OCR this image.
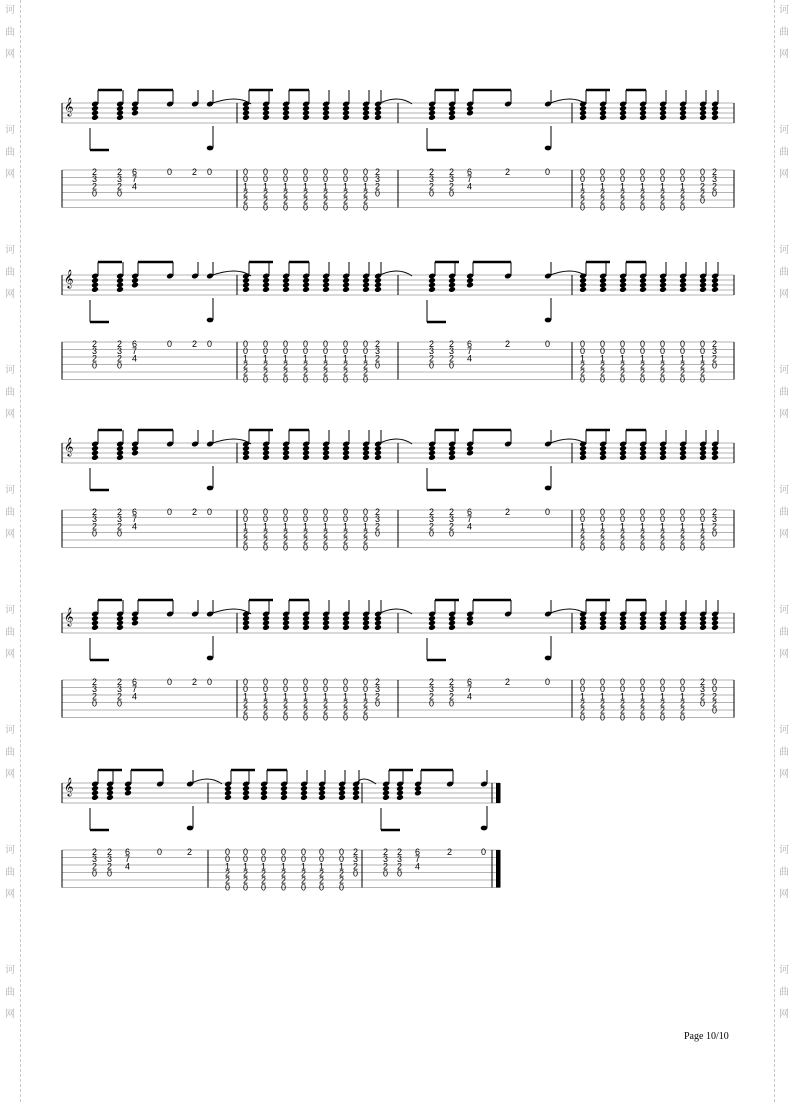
诃
曲
网
诃
曲
网
诃
曲
网
诃
曲
网
诃
曲
网
诃
曲
网
诃
曲
网
诃
曲
网
诃
曲
网
诃
曲
网
诃
曲
网
诃
曲
网
诃
曲
网
诃
曲
网
诃
曲
网
诃
曲
网
诃
曲
网
诃
曲
网
𝄞
2
3
2
0
2
3
2
0
6
7
4
0 2 0	0
0
1
2
2
0
0
0
1
2
2
0
0
0
1
2
2
0
0
0
1
2
2
0
0
0
1
2
2
0
0
0
1
2
2
0
0
0
1
2
2
0
2
3
2
0
2
3
2
0
2
3
2
0
6
7
4
2	0	0
0
1
2
2
0
0
0
1
2
2
0
0
0
1
2
2
0
0
0
1
2
2
0
0
0
1
2
2
0
0
0
1
2
2
0
0
0
2
2
0
2
3
2
0
𝄞
2
3
2
0
2
3
2
0
6
7
4
0 2 0	0
0
1
2
2
0
0
0
1
2
2
0
0
0
1
2
2
0
0
0
1
2
2
0
0
0
1
2
2
0
0
0
1
2
2
0
0
0
1
2
2
0
2
3
2
0
2
3
2
0
2
3
2
0
6
7
4
2	0	0
0
1
2
2
0
0
0
1
2
2
0
0
0
1
2
2
0
0
0
1
2
2
0
0
0
1
2
2
0
0
0
1
2
2
0
0
0
1
2
2
0
2
3
2
0
𝄞
2
3
2
0
2
3
2
0
6
7
4
0 2 0	0
0
1
2
2
0
0
0
1
2
2
0
0
0
1
2
2
0
0
0
1
2
2
0
0
0
1
2
2
0
0
0
1
2
2
0
0
0
1
2
2
0
2
3
2
0
2
3
2
0
2
3
2
0
6
7
4
2	0	0
0
1
2
2
0
0
0
1
2
2
0
0
0
1
2
2
0
0
0
1
2
2
0
0
0
1
2
2
0
0
0
1
2
2
0
0
0
1
2
2
0
2
3
2
0
𝄞
2
3
2
0
2
3
2
0
6
7
4
0 2 0	0
0
1
2
2
0
0
0
1
2
2
0
0
0
1
2
2
0
0
0
1
2
2
0
0
0
1
2
2
0
0
0
1
2
2
0
0
0
1
2
2
0
2
3
2
0
2
3
2
0
2
3
2
0
6
7
4
2	0	0
0
1
2
2
0
0
0
1
2
2
0
0
0
1
2
2
0
0
0
1
2
2
0
0
0
1
2
2
0
0
0
1
2
2
0
2
3
2
0
0
0
2
2
0
𝄞
2
3
2
0
2
3
2
0
6
7
4
0	2	0
0
1
2
2
0
0
0
1
2
2
0
0
0
1
2
2
0
0
0
1
2
2
0
0
0
1
2
2
0
0
0
1
2
2
0
0
0
1
2
2
0
2
3
2
0
2
3
2
0
2
3
2
0
6
7
4
2	0
Page 10/10
